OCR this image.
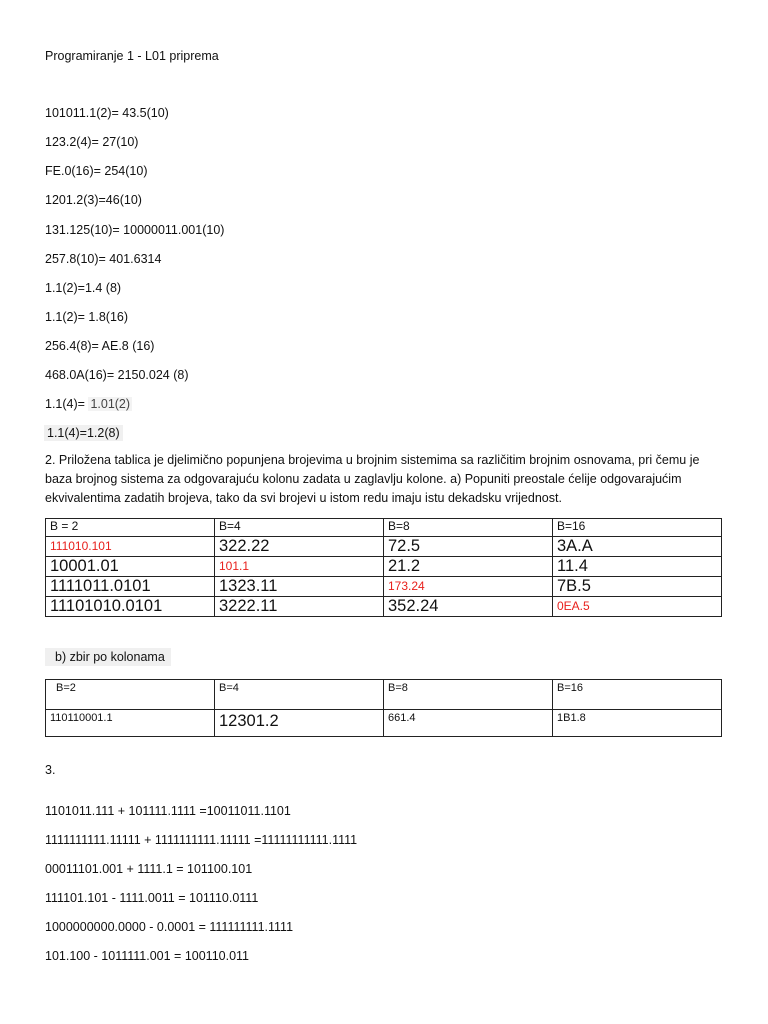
Programiranje 1 - L01 priprema
101011.1(2)= 43.5(10)
123.2(4)= 27(10)
FE.0(16)= 254(10)
1201.2(3)=46(10)
131.125(10)= 10000011.001(10)
257.8(10)= 401.6314
1.1(2)=1.4 (8)
1.1(2)= 1.8(16)
256.4(8)= AE.8 (16)
468.0A(16)= 2150.024 (8)
1.1(4)= 1.01(2)
1.1(4)=1.2(8)
2. Priložena tablica je djelimično popunjena brojevima u brojnim sistemima sa različitim brojnim osnovama, pri čemu je baza brojnog sistema za odgovarajuću kolonu zadata u zaglavlju kolone. a) Popuniti preostale ćelije odgovarajućim ekvivalentima zadatih brojeva, tako da svi brojevi u istom redu imaju istu dekadsku vrijednost.
B = 2	B=4	B=8	B=16
111010.101	322.22	72.5	3A.A
10001.01	101.1	21.2	11.4
1111011.0101	1323.11	173.24	7B.5
11101010.0101	3222.11	352.24	0EA.5
b) zbir po kolonama
B=2	B=4	B=8	B=16
110110001.1	12301.2	661.4	1B1.8
3.
1101011.111 + 101111.1111 =10011011.1101
1111111111.11111 + 1111111111.11111 =11111111111.1111
00011101.001 + 1111.1 = 101100.101
111101.101 - 1111.0011 = 101110.0111
1000000000.0000 - 0.0001 = 111111111.1111
101.100 - 1011111.001 = 100110.011
